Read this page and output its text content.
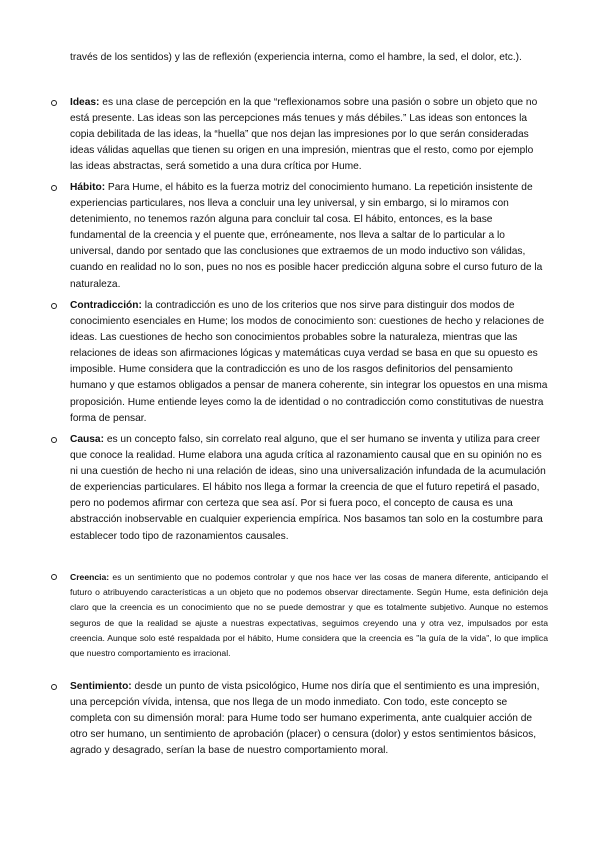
través de los sentidos) y las de reflexión (experiencia interna, como el hambre, la sed, el dolor, etc.).

Ideas: es una clase de percepción en la que “reflexionamos sobre una pasión o sobre un objeto que no está presente. Las ideas son las percepciones más tenues y más débiles.” Las ideas son entonces la copia debilitada de las ideas, la “huella” que nos dejan las impresiones por lo que serán consideradas ideas válidas aquellas que tienen su origen en una impresión, mientras que el resto, como por ejemplo las ideas abstractas, será sometido a una dura crítica por Hume.

Hábito: Para Hume, el hábito es la fuerza motriz del conocimiento humano. La repetición insistente de experiencias particulares, nos lleva a concluir una ley universal, y sin embargo, si lo miramos con detenimiento, no tenemos razón alguna para concluir tal cosa. El hábito, entonces, es la base fundamental de la creencia y el puente que, erróneamente, nos lleva a saltar de lo particular a lo universal, dando por sentado que las conclusiones que extraemos de un modo inductivo son válidas, cuando en realidad no lo son, pues no nos es posible hacer predicción alguna sobre el curso futuro de la naturaleza.

Contradicción: la contradicción es uno de los criterios que nos sirve para distinguir dos modos de conocimiento esenciales en Hume; los modos de conocimiento son: cuestiones de hecho y relaciones de ideas. Las cuestiones de hecho son conocimientos probables sobre la naturaleza, mientras que las relaciones de ideas son afirmaciones lógicas y matemáticas cuya verdad se basa en que su opuesto es imposible. Hume considera que la contradicción es uno de los rasgos definitorios del pensamiento humano y que estamos obligados a pensar de manera coherente, sin integrar los opuestos en una misma proposición. Hume entiende leyes como la de identidad o no contradicción como constitutivas de nuestra forma de pensar.

Causa: es un concepto falso, sin correlato real alguno, que el ser humano se inventa y utiliza para creer que conoce la realidad. Hume elabora una aguda crítica al razonamiento causal que en su opinión no es ni una cuestión de hecho ni una relación de ideas, sino una universalización infundada de la acumulación de experiencias particulares. El hábito nos llega a formar la creencia de que el futuro repetirá el pasado, pero no podemos afirmar con certeza que sea así. Por si fuera poco, el concepto de causa es una abstracción inobservable en cualquier experiencia empírica. Nos basamos tan solo en la costumbre para establecer todo tipo de razonamientos causales.

Creencia: es un sentimiento que no podemos controlar y que nos hace ver las cosas de manera diferente, anticipando el futuro o atribuyendo características a un objeto que no podemos observar directamente. Según Hume, esta definición deja claro que la creencia es un conocimiento que no se puede demostrar y que es totalmente subjetivo. Aunque no estemos seguros de que la realidad se ajuste a nuestras expectativas, seguimos creyendo una y otra vez, impulsados por esta creencia. Aunque solo esté respaldada por el hábito, Hume considera que la creencia es "la guía de la vida", lo que implica que nuestro comportamiento es irracional.

Sentimiento: desde un punto de vista psicológico, Hume nos diría que el sentimiento es una impresión, una percepción vívida, intensa, que nos llega de un modo inmediato. Con todo, este concepto se completa con su dimensión moral: para Hume todo ser humano experimenta, ante cualquier acción de otro ser humano, un sentimiento de aprobación (placer) o censura (dolor) y estos sentimientos básicos, agrado y desagrado, serían la base de nuestro comportamiento moral.
